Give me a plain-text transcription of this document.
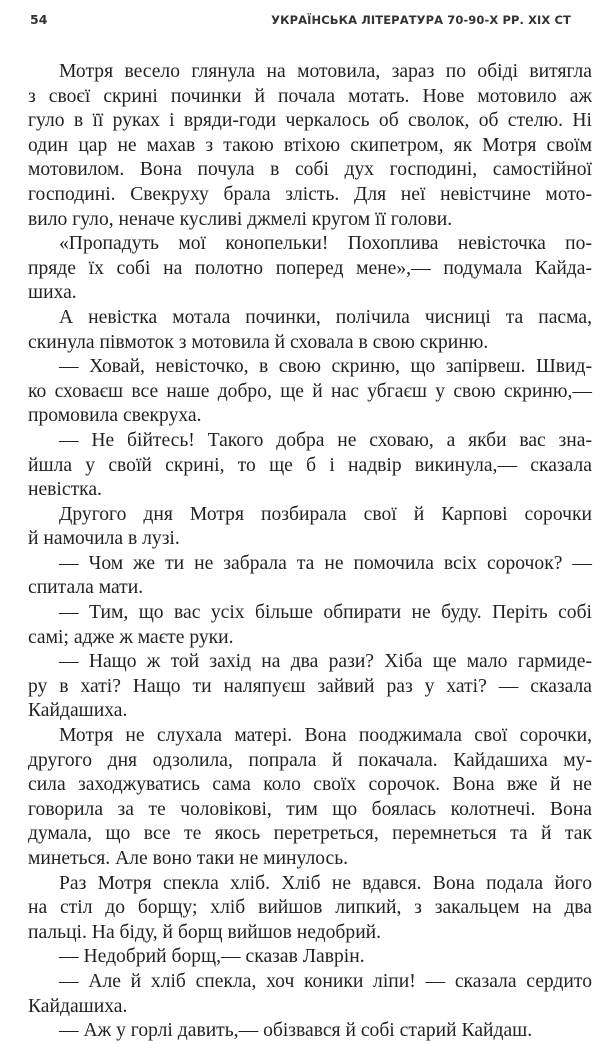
54	УКРАЇНСЬКА ЛІТЕРАТУРА 70-90-Х РР. XIX СТ
Мотря весело глянула на мотовила, зараз по обіді витягла
з своєї скрині починки й почала мотать. Нове мотовило аж
гуло в її руках і вряди-годи черкалось об сволок, об стелю. Ні
один цар не махав з такою втіхою скипетром, як Мотря своїм
мотовилом. Вона почула в собі дух господині, самостійної
господині. Свекруху брала злість. Для неї невістчине мото-
вило гуло, неначе кусливі джмелі кругом її голови.
«Пропадуть мої конопельки! Похоплива невісточка по-
пряде їх собі на полотно поперед мене»,— подумала Кайда-
шиха.
А невістка мотала починки, полічила чисниці та пасма,
скинула півмоток з мотовила й сховала в свою скриню.
— Ховай, невісточко, в свою скриню, що запірвеш. Швид-
ко сховаєш все наше добро, ще й нас убгаєш у свою скриню,—
промовила свекруха.
— Не бійтесь! Такого добра не сховаю, а якби вас зна-
йшла у своїй скрині, то ще б і надвір викинула,— сказала
невістка.
Другого дня Мотря позбирала свої й Карпові сорочки
й намочила в лузі.
— Чом же ти не забрала та не помочила всіх сорочок? —
спитала мати.
— Тим, що вас усіх більше обпирати не буду. Періть собі
самі; адже ж маєте руки.
— Нащо ж той захід на два рази? Хіба ще мало гармиде-
ру в хаті? Нащо ти наляпуєш зайвий раз у хаті? — сказала
Кайдашиха.
Мотря не слухала матері. Вона пооджимала свої сорочки,
другого дня одзолила, попрала й покачала. Кайдашиха му-
сила заходжуватись сама коло своїх сорочок. Вона вже й не
говорила за те чоловікові, тим що боялась колотнечі. Вона
думала, що все те якось перетреться, перемнеться та й так
минеться. Але воно таки не минулось.
Раз Мотря спекла хліб. Хліб не вдався. Вона подала його
на стіл до борщу; хліб вийшов липкий, з закальцем на два
пальці. На біду, й борщ вийшов недобрий.
— Недобрий борщ,— сказав Лаврін.
— Але й хліб спекла, хоч коники ліпи! — сказала сердито
Кайдашиха.
— Аж у горлі давить,— обізвався й собі старий Кайдаш.
